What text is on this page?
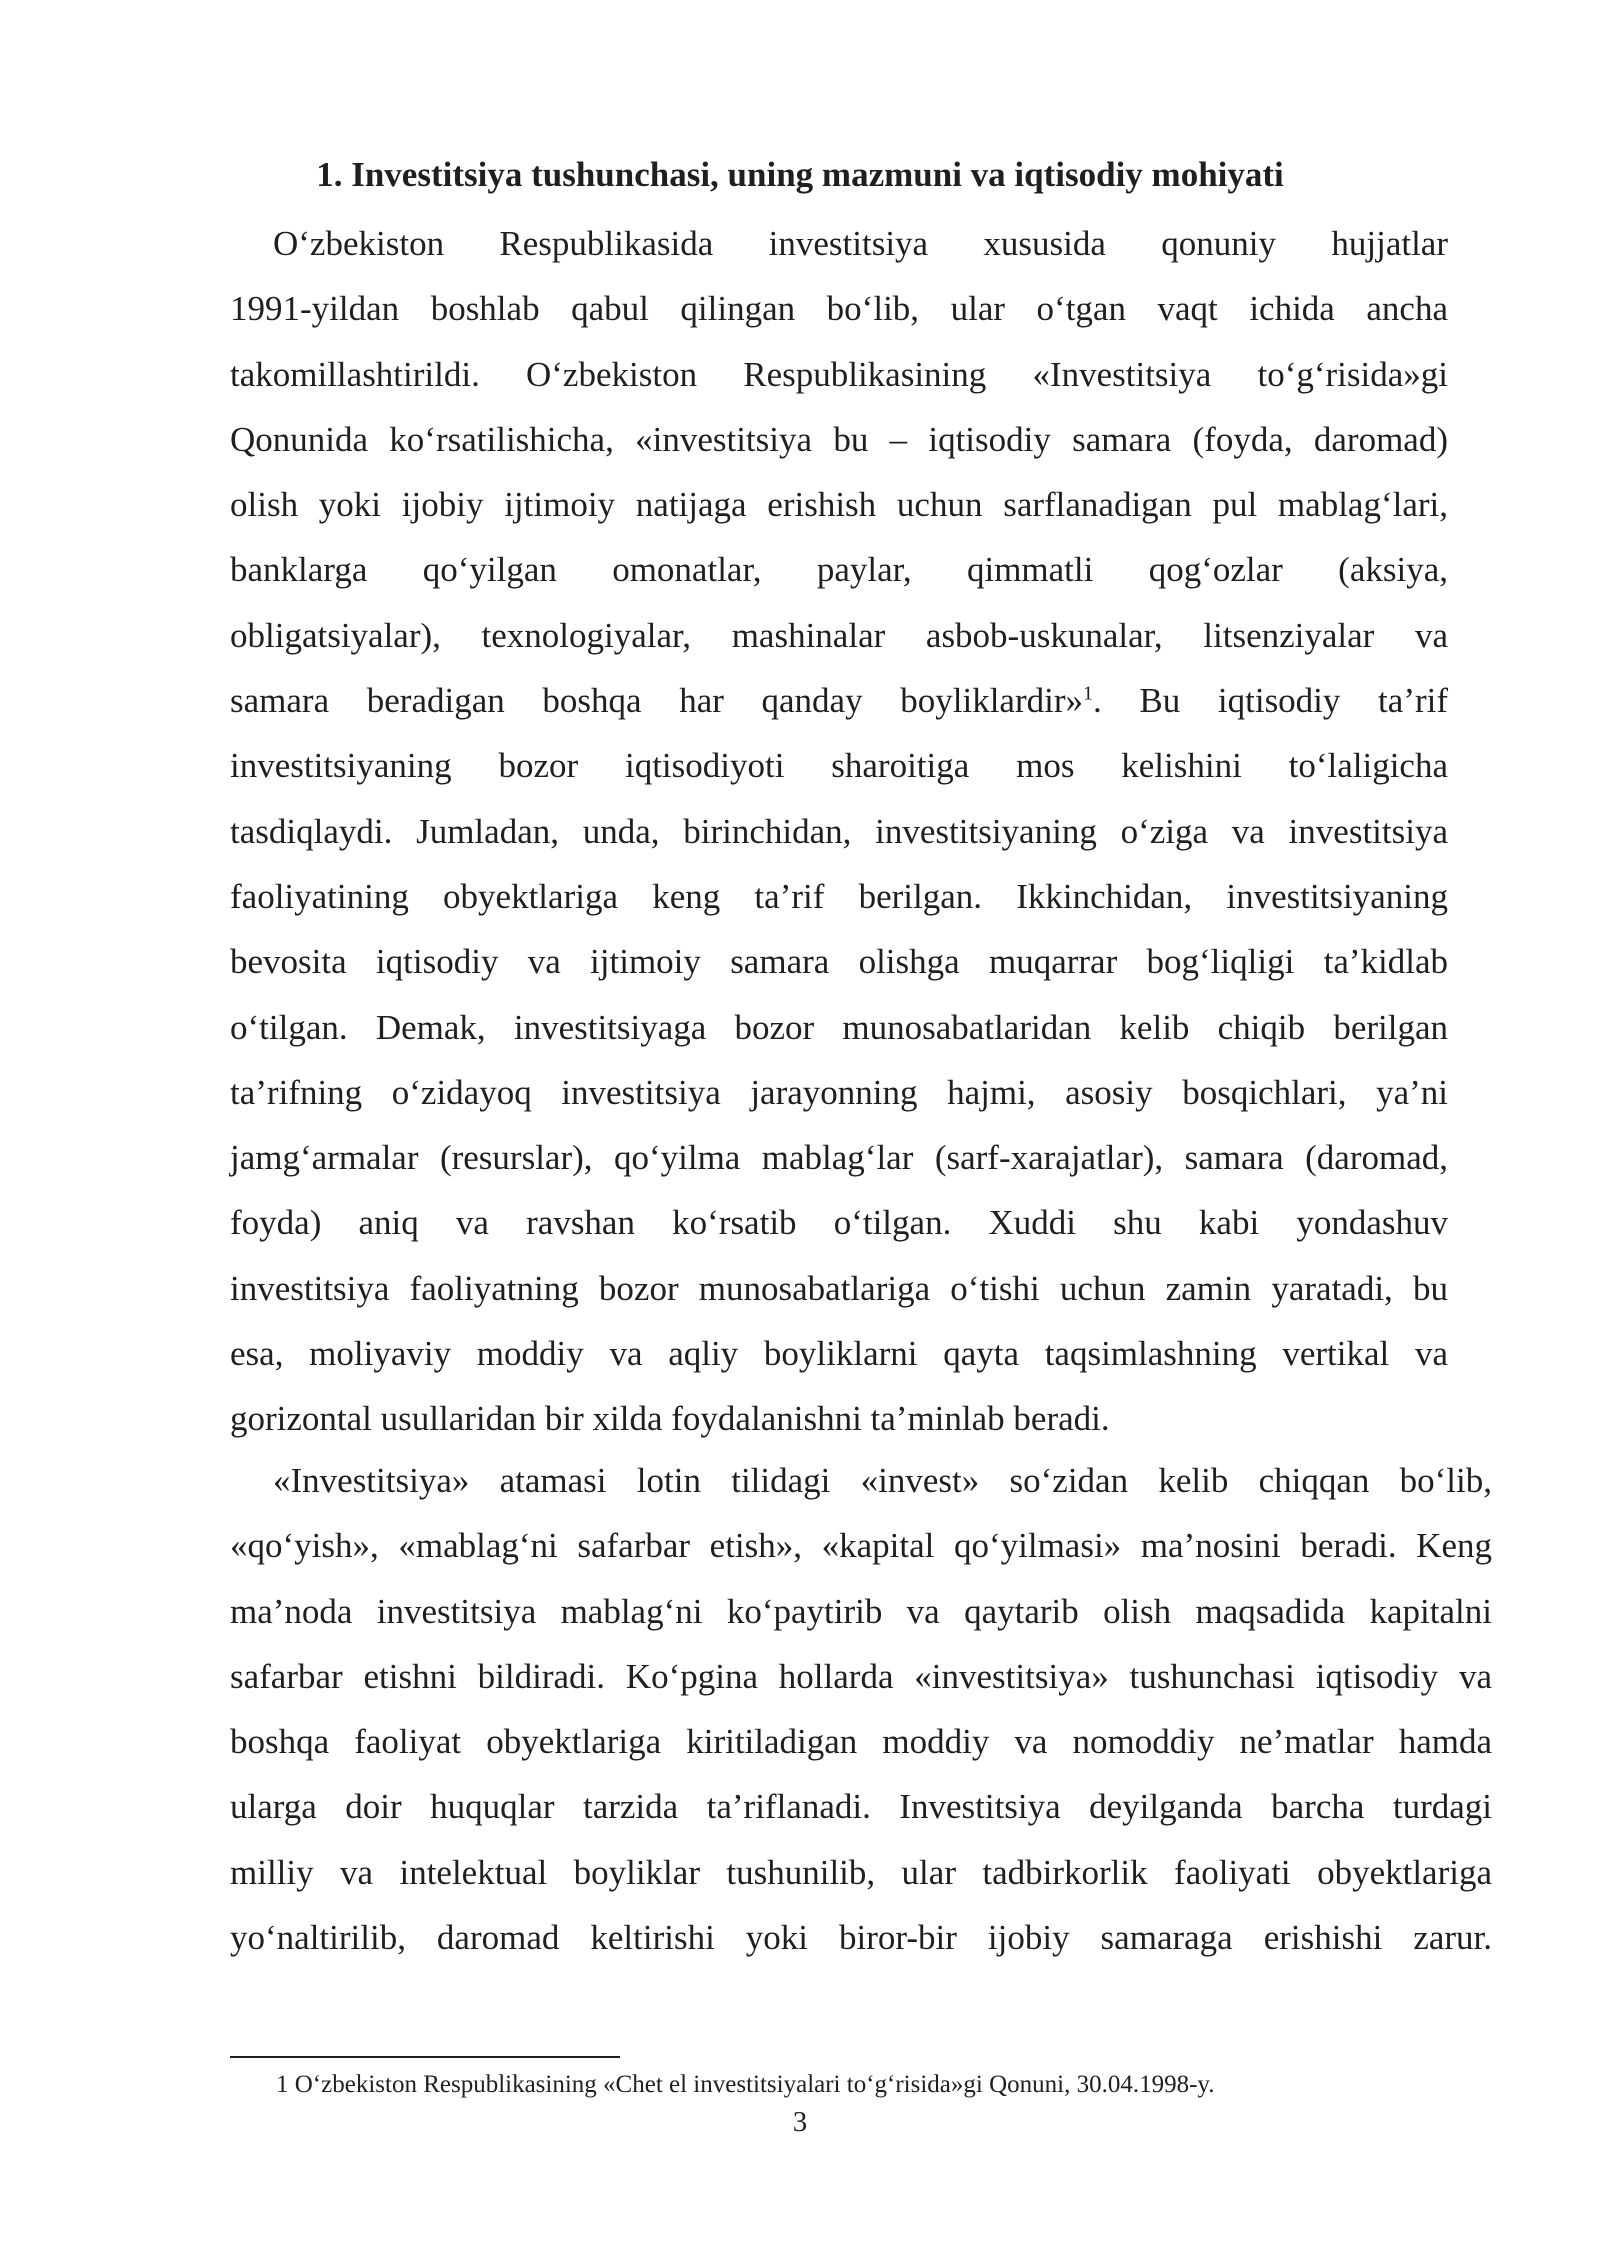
1. Investitsiya tushunchasi, uning mazmuni va iqtisodiy mohiyati

O‘zbekiston Respublikasida investitsiya xususida qonuniy hujjatlar
1991-yildan boshlab qabul qilingan bo‘lib, ular o‘tgan vaqt ichida ancha
takomillashtirildi. O‘zbekiston Respublikasining «Investitsiya to‘g‘risida»gi
Qonunida ko‘rsatilishicha, «investitsiya bu – iqtisodiy samara (foyda, daromad)
olish yoki ijobiy ijtimoiy natijaga erishish uchun sarflanadigan pul mablag‘lari,
banklarga qo‘yilgan omonatlar, paylar, qimmatli qog‘ozlar (aksiya,
obligatsiyalar), texnologiyalar, mashinalar asbob-uskunalar, litsenziyalar va
samara beradigan boshqa har qanday boyliklardir»$^1$. Bu iqtisodiy ta’rif
investitsiyaning bozor iqtisodiyoti sharoitiga mos kelishini to‘laligicha
tasdiqlaydi. Jumladan, unda, birinchidan, investitsiyaning o‘ziga va investitsiya
faoliyatining obyektlariga keng ta’rif berilgan. Ikkinchidan, investitsiyaning
bevosita iqtisodiy va ijtimoiy samara olishga muqarrar bog‘liqligi ta’kidlab
o‘tilgan. Demak, investitsiyaga bozor munosabatlaridan kelib chiqib berilgan
ta’rifning o‘zidayoq investitsiya jarayonning hajmi, asosiy bosqichlari, ya’ni
jamg‘armalar (resurslar), qo‘yilma mablag‘lar (sarf-xarajatlar), samara (daromad,
foyda) aniq va ravshan ko‘rsatib o‘tilgan. Xuddi shu kabi yondashuv
investitsiya faoliyatning bozor munosabatlariga o‘tishi uchun zamin yaratadi, bu
esa, moliyaviy moddiy va aqliy boyliklarni qayta taqsimlashning vertikal va
gorizontal usullaridan bir xilda foydalanishni ta’minlab beradi.

«Investitsiya» atamasi lotin tilidagi «invest» so‘zidan kelib chiqqan bo‘lib,
«qo‘yish», «mablag‘ni safarbar etish», «kapital qo‘yilmasi» ma’nosini beradi. Keng
ma’noda investitsiya mablag‘ni ko‘paytirib va qaytarib olish maqsadida kapitalni
safarbar etishni bildiradi. Ko‘pgina hollarda «investitsiya» tushunchasi iqtisodiy va
boshqa faoliyat obyektlariga kiritiladigan moddiy va nomoddiy ne’matlar hamda
ularga doir huquqlar tarzida ta’riflanadi. Investitsiya deyilganda barcha turdagi
milliy va intelektual boyliklar tushunilib, ular tadbirkorlik faoliyati obyektlariga
yo‘naltirilib, daromad keltirishi yoki biror-bir ijobiy samaraga erishishi zarur.

1 O‘zbekiston Respublikasining «Chet el investitsiyalari to‘g‘risida»gi Qonuni, 30.04.1998-y.

3
